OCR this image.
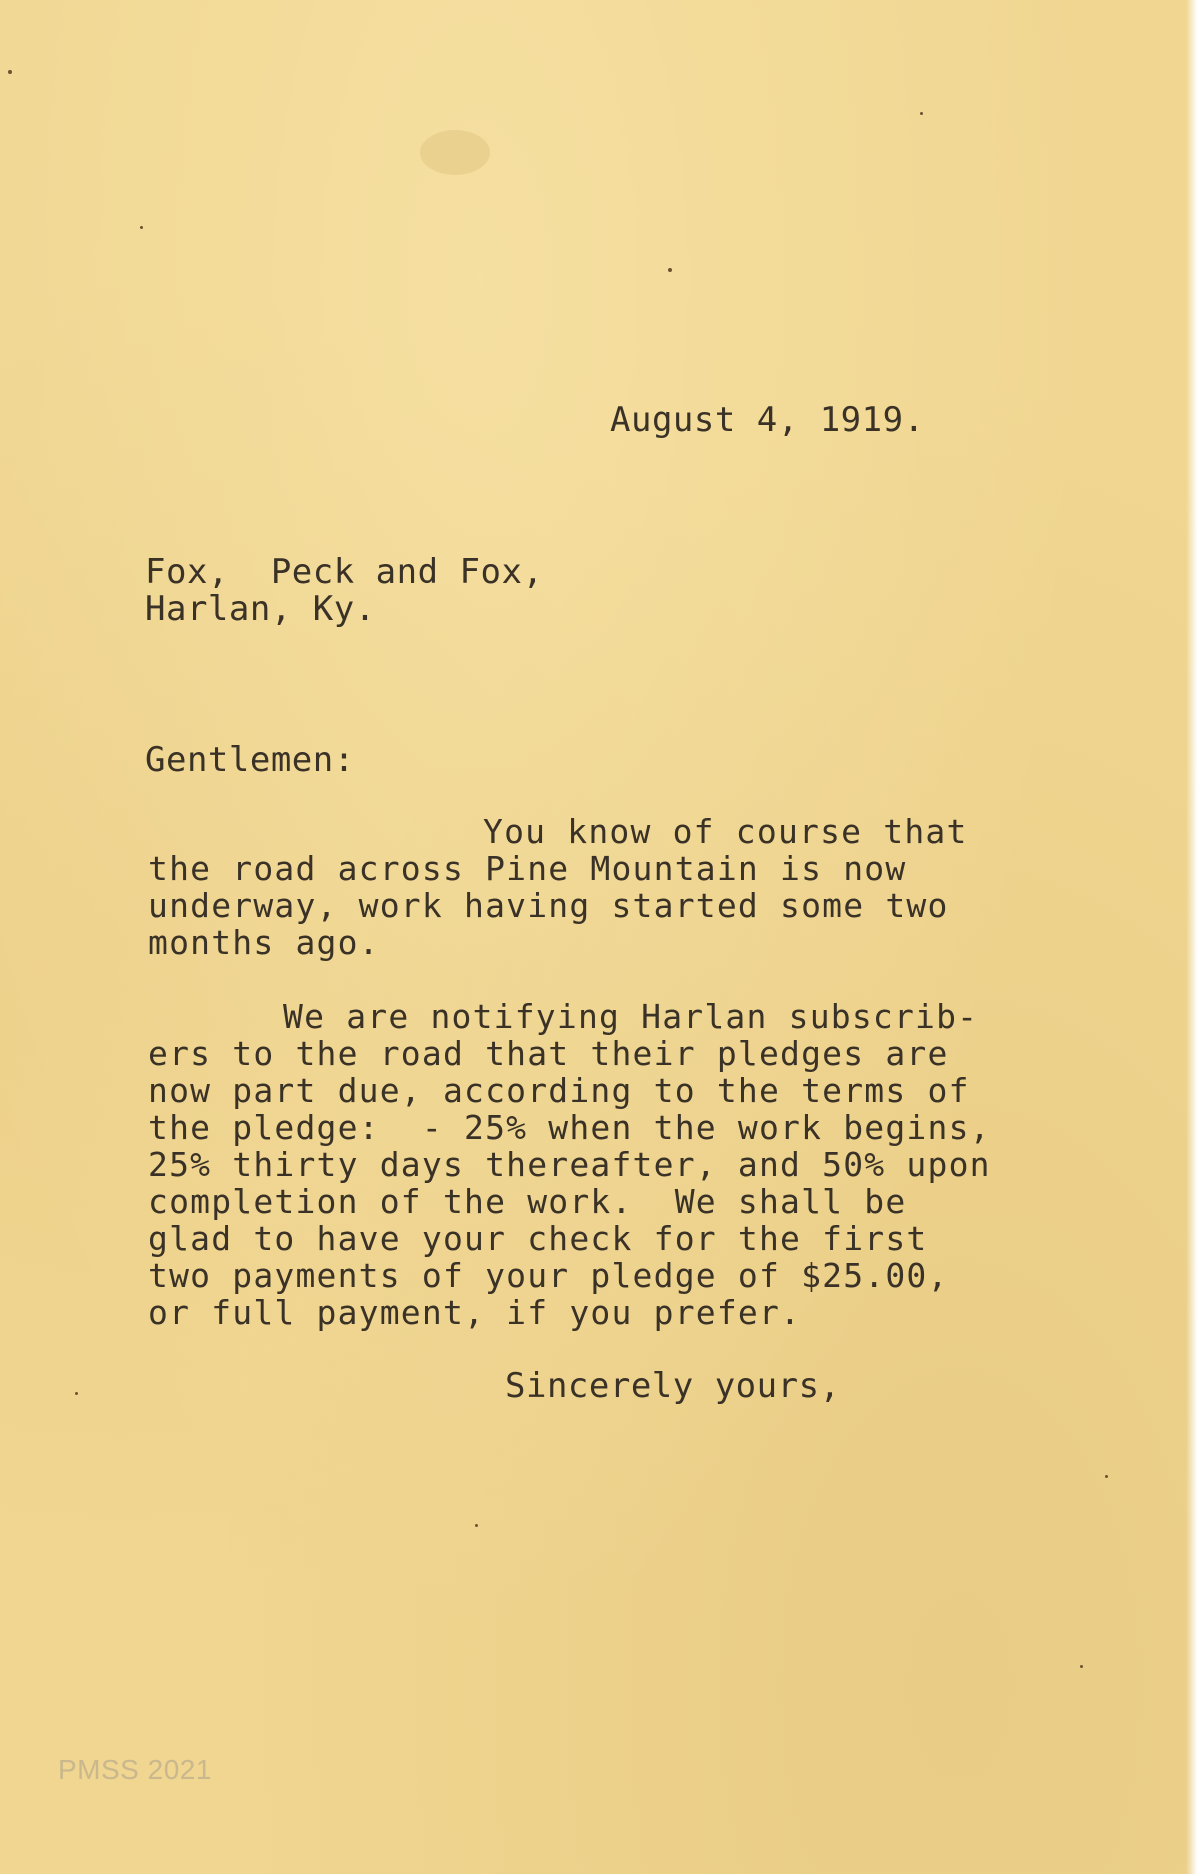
August 4, 1919.
Fox,  Peck and Fox,
Harlan, Ky.
Gentlemen:
You know of course that
the road across Pine Mountain is now
underway, work having started some two
months ago.
We are notifying Harlan subscrib-
ers to the road that their pledges are
now part due, according to the terms of
the pledge:  - 25% when the work begins,
25% thirty days thereafter, and 50% upon
completion of the work.  We shall be
glad to have your check for the first
two payments of your pledge of $25.00,
or full payment, if you prefer.
Sincerely yours,
PMSS 2021
